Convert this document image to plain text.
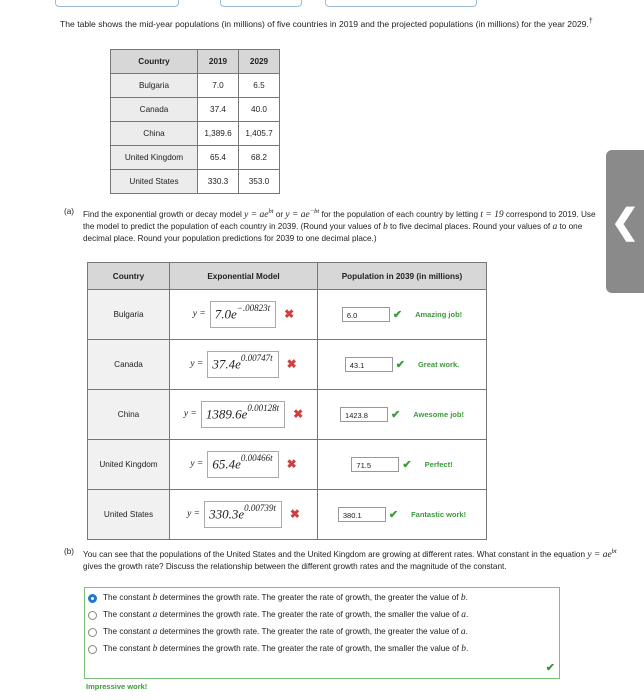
The table shows the mid-year populations (in millions) of five countries in 2019 and the projected populations (in millions) for the year 2029.†
Country	2019	2029
Bulgaria	7.0	6.5
Canada	37.4	40.0
China	1,389.6	1,405.7
United Kingdom	65.4	68.2
United States	330.3	353.0
(a) Find the exponential growth or decay model $y = ae^{bt}$ or $y = ae^{-bt}$ for the population of each country by letting t = 19 correspond to 2019. Use the model to predict the population of each country in 2039. (Round your values of b to five decimal places. Round your values of a to one decimal place. Round your population predictions for 2039 to one decimal place.)
Country	Exponential Model	Population in 2039 (in millions)
Bulgaria	$y = 7.0e^{-.00823t}$ ✖	6.0 ✔ Amazing job!

Canada	$y = 37.4e^{0.00747t}$ ✖	43.1 ✔ Great work.

China	$y = 1389.6e^{0.00128t}$ ✖	1423.8 ✔ Awesome job!

United Kingdom	$y = 65.4e^{0.00466t}$ ✖	71.5 ✔ Perfect!

United States	$y = 330.3e^{0.00739t}$ ✖	380.1 ✔ Fantastic work!
❮
(b) You can see that the populations of the United States and the United Kingdom are growing at different rates. What constant in the equation $y = ae^{bt}$ gives the growth rate? Discuss the relationship between the different growth rates and the magnitude of the constant.
The constant b determines the growth rate. The greater the rate of growth, the greater the value of b.
The constant a determines the growth rate. The greater the rate of growth, the smaller the value of a.
The constant a determines the growth rate. The greater the rate of growth, the greater the value of a.
The constant b determines the growth rate. The greater the rate of growth, the smaller the value of b.
✔
Impressive work!
